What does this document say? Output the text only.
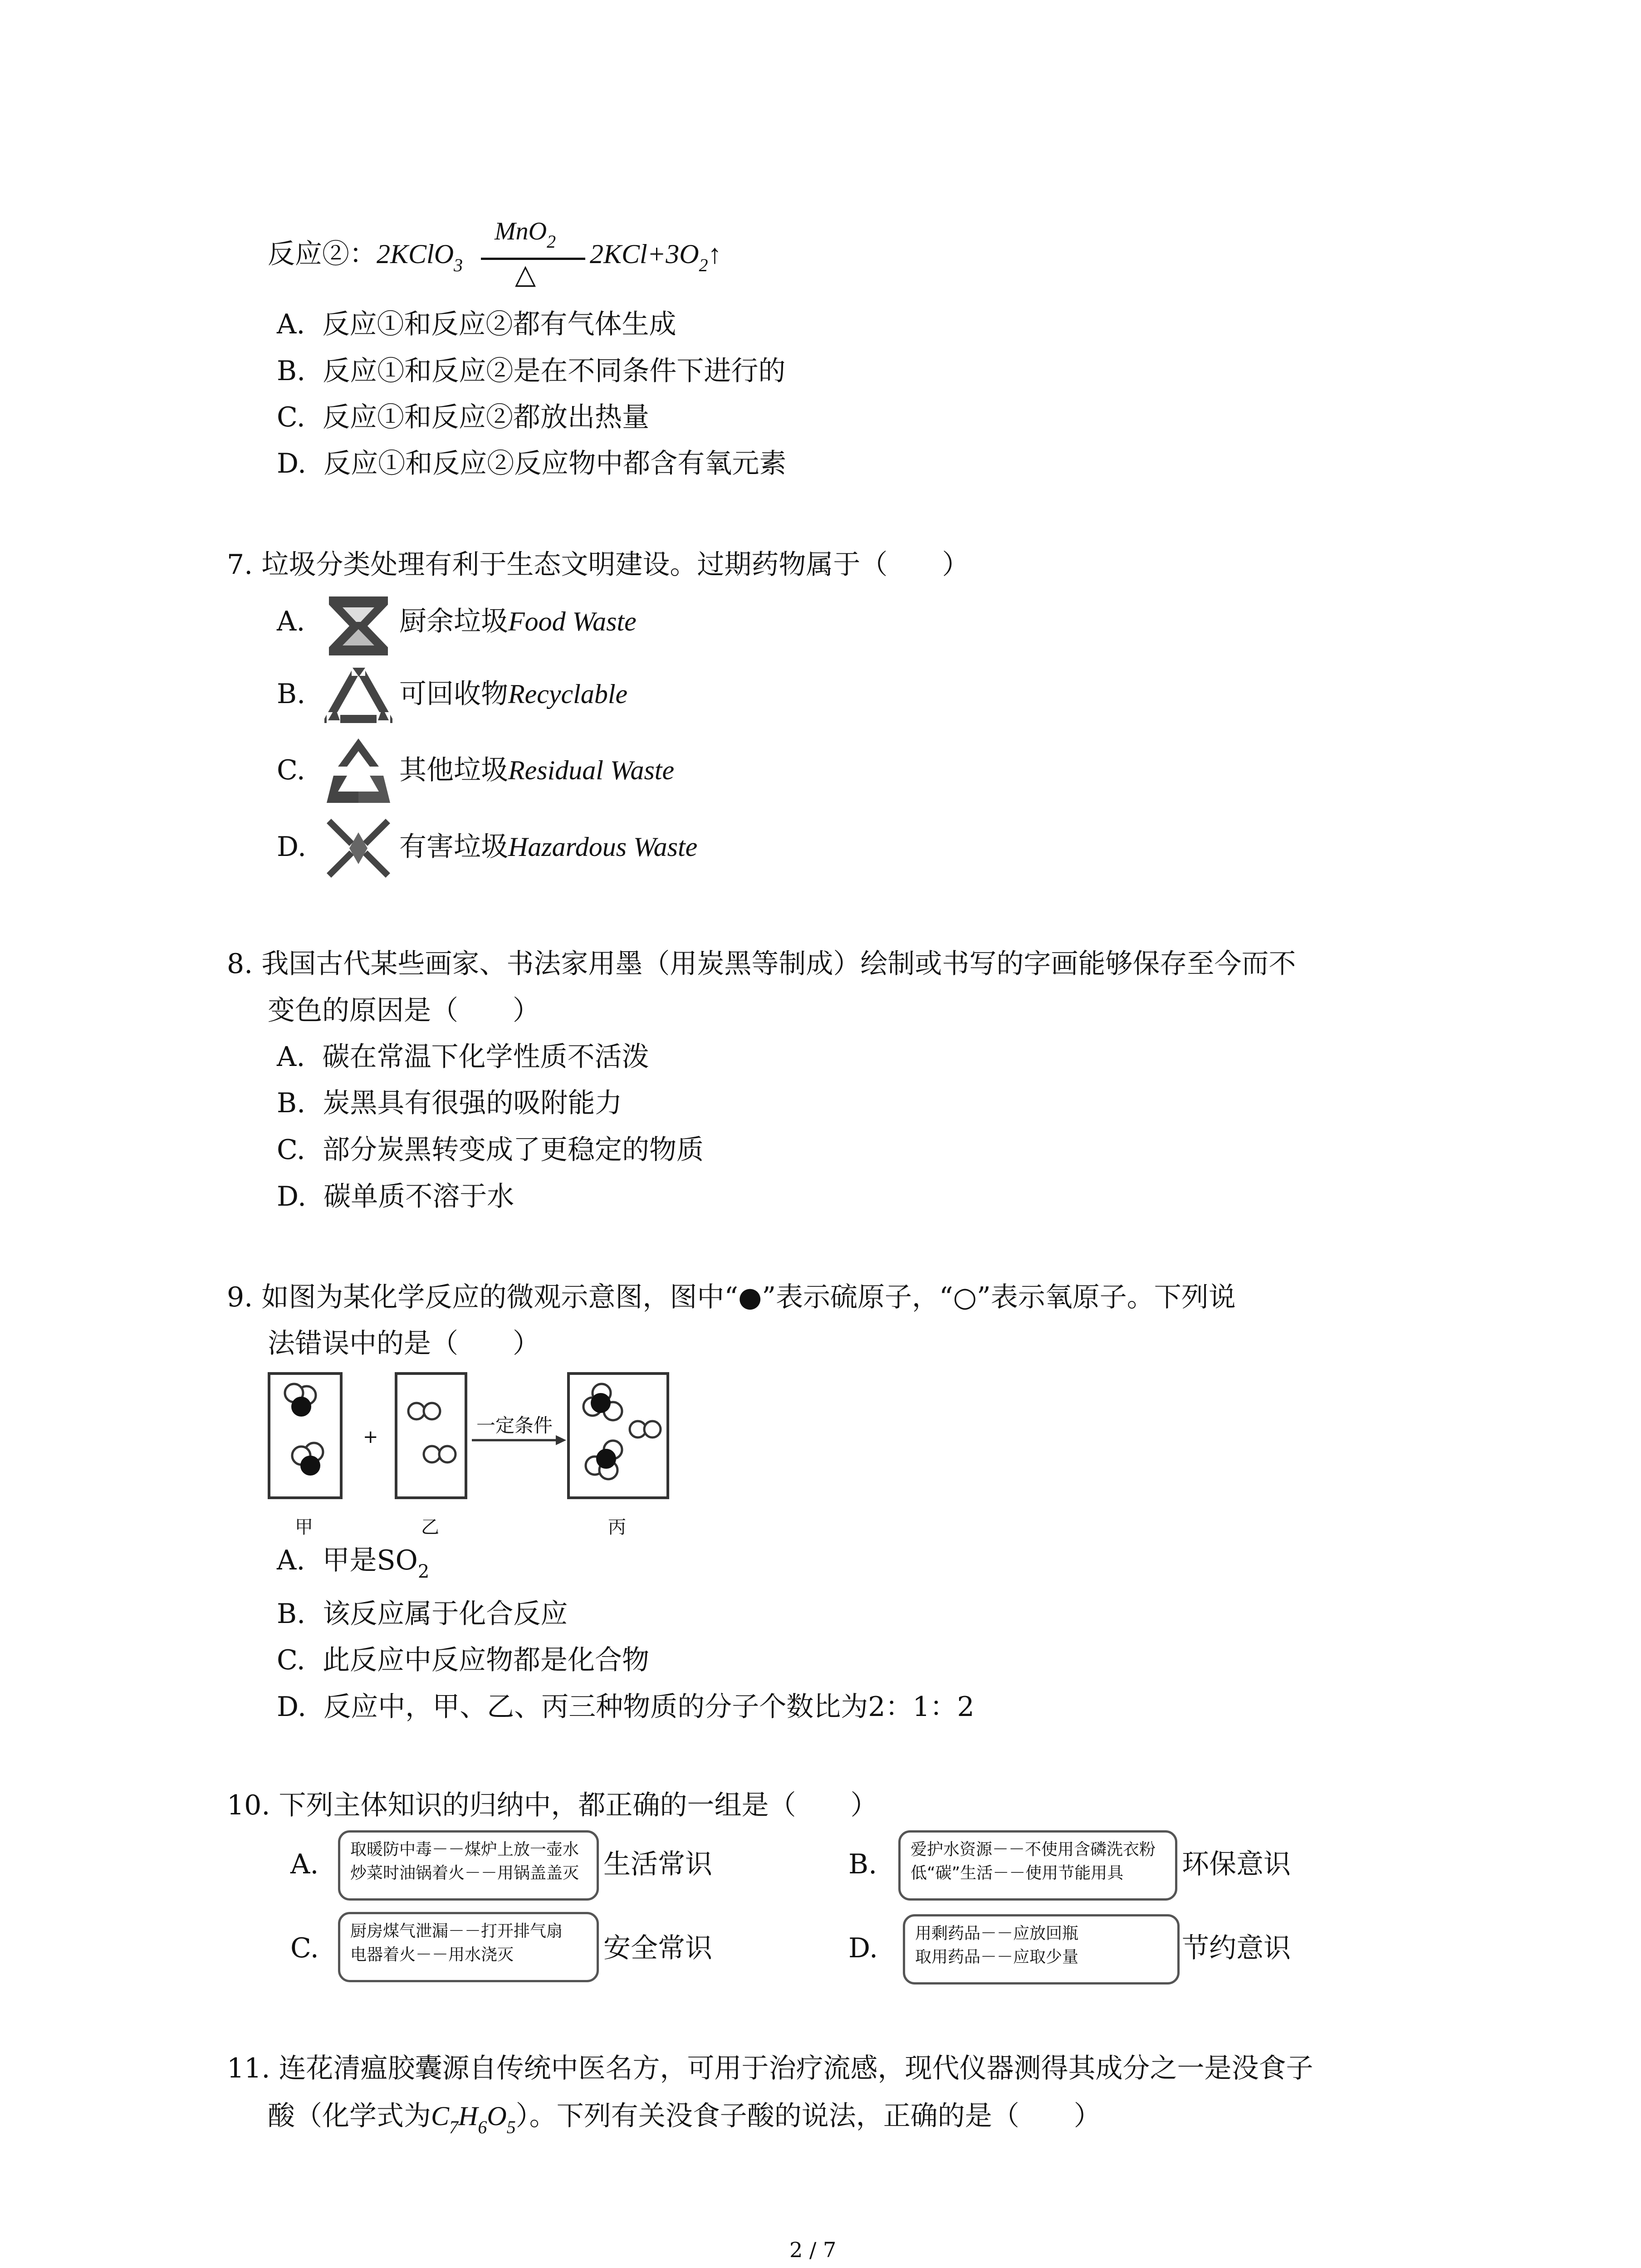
反应②：2KClO$_3$
MnO$_2$
△
$2KCl+3O_2↑$
A. 反应①和反应②都有气体生成
B. 反应①和反应②是在不同条件下进行的
C. 反应①和反应②都放出热量
D. 反应①和反应②反应物中都含有氧元素
7. 垃圾分类处理有利于生态文明建设。过期药物属于（　　）
A.	厨余垃圾Food Waste
B.	可回收物Recyclable
C.	其他垃圾Residual Waste
D.	有害垃圾Hazardous Waste
8. 我国古代某些画家、书法家用墨（用炭黑等制成）绘制或书写的字画能够保存至今而不
变色的原因是（　　）
A. 碳在常温下化学性质不活泼
B. 炭黑具有很强的吸附能力
C. 部分炭黑转变成了更稳定的物质
D. 碳单质不溶于水
9. 如图为某化学反应的微观示意图，图中“●”表示硫原子，“○”表示氧原子。下列说
法错误中的是（　　）
+
一定条件
甲	乙	丙
A. 甲是$SO_2$
B. 该反应属于化合反应
C. 此反应中反应物都是化合物
D. 反应中，甲、乙、丙三种物质的分子个数比为2：1：2
10. 下列主体知识的归纳中，都正确的一组是（　　）
A. 取暖防中毒－－煤炉上放一壶水
炒菜时油锅着火－－用锅盖盖灭 生活常识	B. 爱护水资源－－不使用含磷洗衣粉
低“碳”生活－－使用节能用具	环保意识
C.
厨房煤气泄漏－－打开排气扇
电器着火－－用水浇灭	安全常识	D. 用剩药品－－应放回瓶
取用药品－－应取少量	节约意识
11. 连花清瘟胶囊源自传统中医名方，可用于治疗流感，现代仪器测得其成分之一是没食子
酸（化学式为$C_7H_6O_5$）。下列有关没食子酸的说法，正确的是（　　）
2 / 7
